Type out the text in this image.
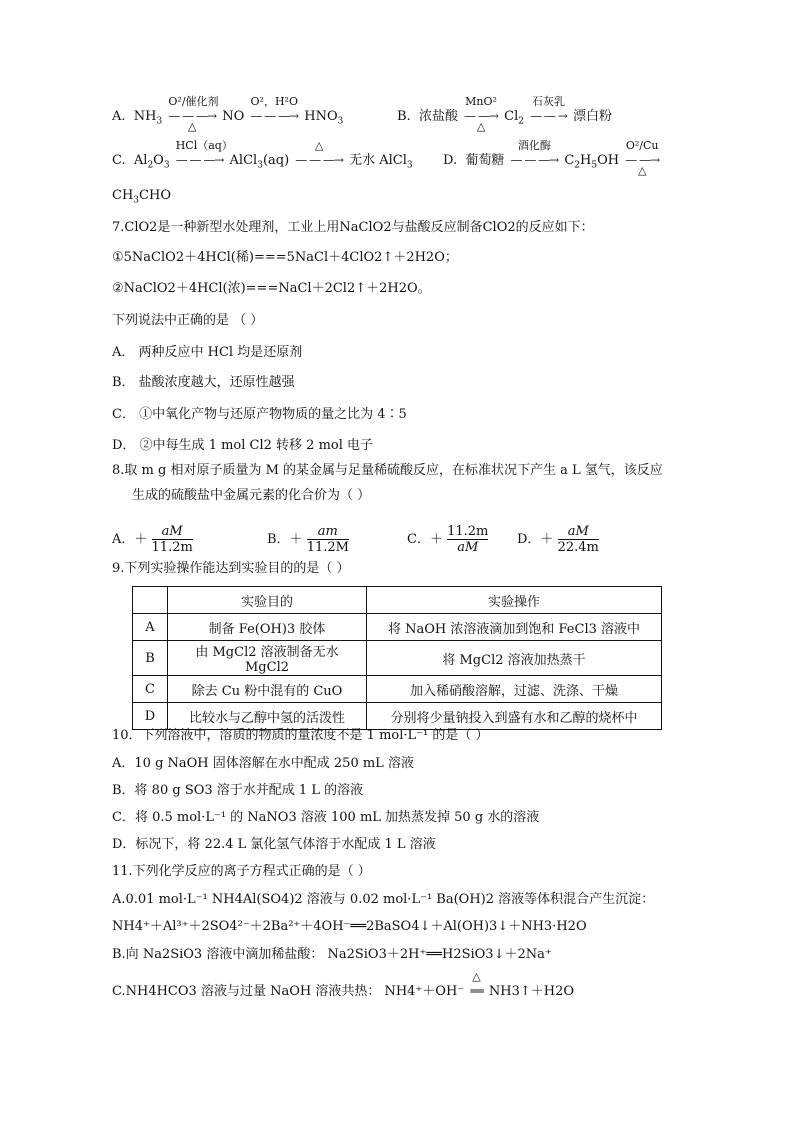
A. $NH_3$
O²/催化剂
△
— — —→ NO
O²，H²O
— — —→ $HNO_3$	B. 浓盐酸
MnO²
△
— —→ $Cl_2$
石灰乳
— — → 漂白粉
C. $Al_2O_3$
HCl（aq）
— — —→ AlCl$_3$(aq)
△
— — —→ 无水 AlCl$_3$ D. 葡萄糖
酒化酶
— — —→ $C_2H_5OH$
O²/Cu
△
— —→
$CH_3CHO$
7.ClO2是一种新型水处理剂，工业上用NaClO2与盐酸反应制备ClO2的反应如下：
①5NaClO2＋4HCl(稀)===5NaCl＋4ClO2↑＋2H2O；
②NaClO2＋4HCl(浓)===NaCl＋2Cl2↑＋2H2O。
下列说法中正确的是 （ ）
A． 两种反应中 HCl 均是还原剂
B． 盐酸浓度越大，还原性越强
C． ①中氧化产物与还原产物物质的量之比为 4∶5
D． ②中每生成 1 mol Cl2 转移 2 mol 电子
8.取 m g 相对原子质量为 M 的某金属与足量稀硫酸反应，在标准状况下产生 a L 氢气，该反应
生成的硫酸盐中金属元素的化合价为（ ）
A．＋ $\frac{aM}{11.2m}$	B．＋ $\frac{am}{11.2M}$	C．＋ $\frac{11.2m}{aM}$ D．＋ $\frac{aM}{22.4m}$
9.下列实验操作能达到实验目的的是（ ）
	实验目的	实验操作
A	制备 Fe(OH)3 胶体	将 NaOH 浓溶液滴加到饱和 FeCl3 溶液中
B	由 MgCl2 溶液制备无水 MgCl2	将 MgCl2 溶液加热蒸干
C	除去 Cu 粉中混有的 CuO	加入稀硝酸溶解，过滤、洗涤、干燥
D	比较水与乙醇中氢的活泼性	分别将少量钠投入到盛有水和乙醇的烧杯中
10．下列溶液中，溶质的物质的量浓度不是 1 mol·L⁻¹ 的是（ ）
A．10 g NaOH 固体溶解在水中配成 250 mL 溶液
B．将 80 g SO3 溶于水并配成 1 L 的溶液
C．将 0.5 mol·L⁻¹ 的 NaNO3 溶液 100 mL 加热蒸发掉 50 g 水的溶液
D．标况下，将 22.4 L 氯化氢气体溶于水配成 1 L 溶液
11.下列化学反应的离子方程式正确的是（ ）
A.0.01 mol·L⁻¹ NH4Al(SO4)2 溶液与 0.02 mol·L⁻¹ Ba(OH)2 溶液等体积混合产生沉淀：
NH4⁺＋Al³⁺＋2SO4²⁻＋2Ba²⁺＋4OH⁻══2BaSO4↓＋Al(OH)3↓＋NH3·H2O
B.向 Na2SiO3 溶液中滴加稀盐酸： Na2SiO3＋2H⁺══H2SiO3↓＋2Na⁺
C.NH4HCO3 溶液与过量 NaOH 溶液共热： NH4⁺＋OH⁻
△
══ NH3↑＋H2O
